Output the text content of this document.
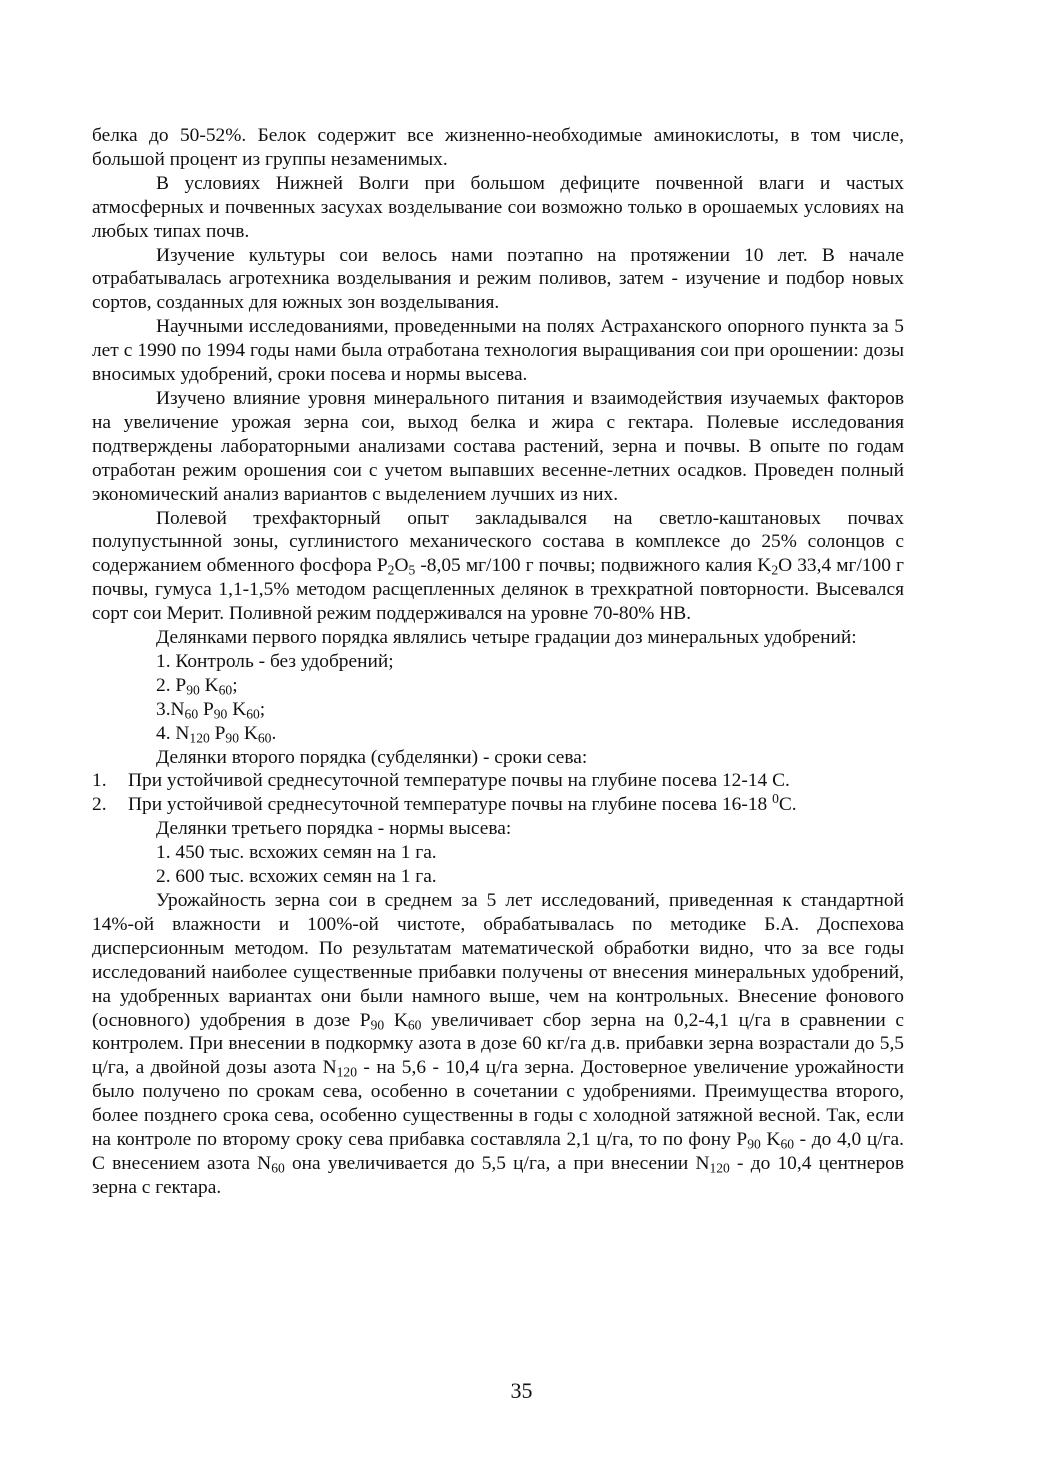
белка до 50-52%. Белок содержит все жизненно-необходимые аминокислоты, в том числе, большой процент из группы незаменимых.

В условиях Нижней Волги при большом дефиците почвенной влаги и частых атмосферных и почвенных засухах возделывание сои возможно только в орошаемых условиях на любых типах почв.

Изучение культуры сои велось нами поэтапно на протяжении 10 лет. В начале отрабатывалась агротехника возделывания и режим поливов, затем - изучение и подбор новых сортов, созданных для южных зон возделывания.

Научными исследованиями, проведенными на полях Астраханского опорного пункта за 5 лет с 1990 по 1994 годы нами была отработана технология выращивания сои при орошении: дозы вносимых удобрений, сроки посева и нормы высева.

Изучено влияние уровня минерального питания и взаимодействия изучаемых факторов на увеличение урожая зерна сои, выход белка и жира с гектара. Полевые исследования подтверждены лабораторными анализами состава растений, зерна и почвы. В опыте по годам отработан режим орошения сои с учетом выпавших весенне-летних осадков. Проведен полный экономический анализ вариантов с выделением лучших из них.

Полевой трехфакторный опыт закладывался на светло-каштановых почвах полупустынной зоны, суглинистого механического состава в комплексе до 25% солонцов с содержанием обменного фосфора $P_2O_5$ -8,05 мг/100 г почвы; подвижного калия $K_2O$ 33,4 мг/100 г почвы, гумуса 1,1-1,5% методом расщепленных делянок в трехкратной повторности. Высевался сорт сои Мерит. Поливной режим поддерживался на уровне 70-80% НВ.

Делянками первого порядка являлись четыре градации доз минеральных удобрений:

1. Контроль - без удобрений;

2. $P_{90}$ $K_{60}$;

$3.N_{60}$ $P_{90}$ $K_{60}$;

4. $N_{120}$ $P_{90}$ $K_{60}$.

Делянки второго порядка (субделянки) - сроки сева:

1.	При устойчивой среднесуточной температуре почвы на глубине посева 12-14 С.
2.	При устойчивой среднесуточной температуре почвы на глубине посева 16-18 $^0$С.

Делянки третьего порядка - нормы высева:

1. 450 тыс. всхожих семян на 1 га.

2. 600 тыс. всхожих семян на 1 га.

Урожайность зерна сои в среднем за 5 лет исследований, приведенная к стандартной 14%-ой влажности и 100%-ой чистоте, обрабатывалась по методике Б.А. Доспехова дисперсионным методом. По результатам математической обработки видно, что за все годы исследований наиболее существенные прибавки получены от внесения минеральных удобрений, на удобренных вариантах они были намного выше, чем на контрольных. Внесение фонового (основного) удобрения в дозе $P_{90}$ $K_{60}$ увеличивает сбор зерна на 0,2-4,1 ц/га в сравнении с контролем. При внесении в подкормку азота в дозе 60 кг/га д.в. прибавки зерна возрастали до 5,5 ц/га, а двойной дозы азота $N_{120}$ - на 5,6 - 10,4 ц/га зерна. Достоверное увеличение урожайности было получено по срокам сева, особенно в сочетании с удобрениями. Преимущества второго, более позднего срока сева, особенно существенны в годы с холодной затяжной весной. Так, если на контроле по второму сроку сева прибавка составляла 2,1 ц/га, то по фону $P_{90}$ $K_{60}$ - до 4,0 ц/га. С внесением азота $N_{60}$ она увеличивается до 5,5 ц/га, а при внесении $N_{120}$ - до 10,4 центнеров зерна с гектара.

35
